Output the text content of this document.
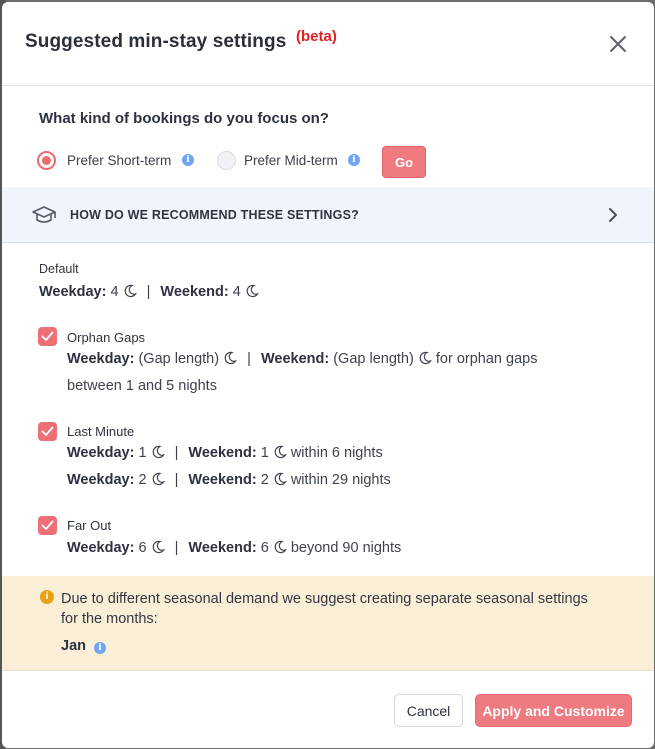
Suggested min-stay settings (beta)
What kind of bookings do you focus on?
Prefer Short-term	i	Prefer Mid-term	i	Go
HOW DO WE RECOMMEND THESE SETTINGS?
Default
Weekday: 4 | Weekend: 4
Orphan Gaps
Weekday: (Gap length) | Weekend: (Gap length) for orphan gaps
between 1 and 5 nights
Last Minute
Weekday: 1 | Weekend: 1 within 6 nights
Weekday: 2 | Weekend: 2 within 29 nights
Far Out
Weekday: 6 | Weekend: 6 beyond 90 nights
i Due to different seasonal demand we suggest creating separate seasonal settings for the months:
Jan	i
Cancel	Apply and Customize
